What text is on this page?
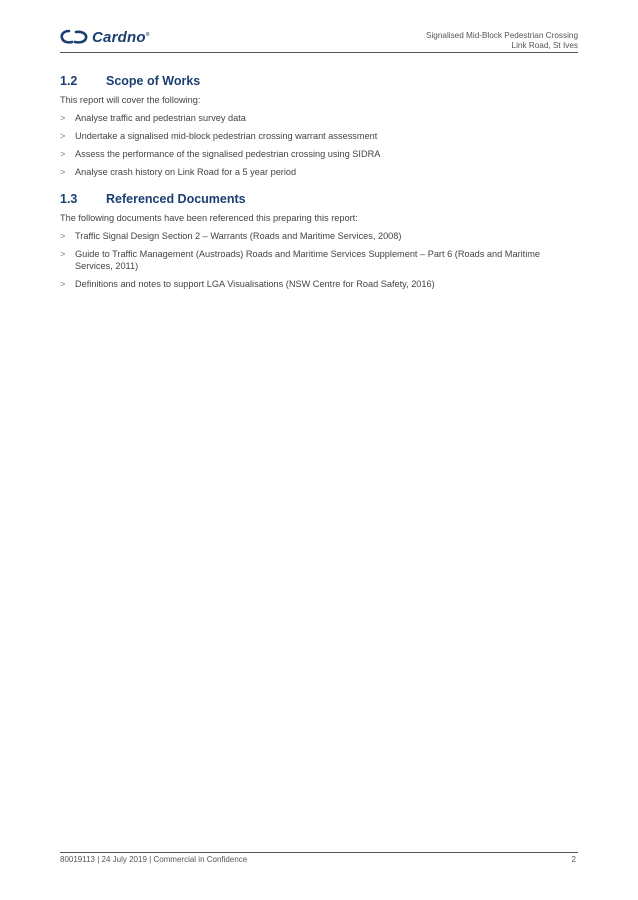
Cardno®	Signalised Mid-Block Pedestrian Crossing
Link Road, St Ives
1.2	Scope of Works

This report will cover the following:

> Analyse traffic and pedestrian survey data
> Undertake a signalised mid-block pedestrian crossing warrant assessment
> Assess the performance of the signalised pedestrian crossing using SIDRA
> Analyse crash history on Link Road for a 5 year period
1.3	Referenced Documents

The following documents have been referenced this preparing this report:

> Traffic Signal Design Section 2 – Warrants (Roads and Maritime Services, 2008)
> Guide to Traffic Management (Austroads) Roads and Maritime Services Supplement – Part 6 (Roads and Maritime Services, 2011)
> Definitions and notes to support LGA Visualisations (NSW Centre for Road Safety, 2016)
80019113 | 24 July 2019 | Commercial in Confidence	2
